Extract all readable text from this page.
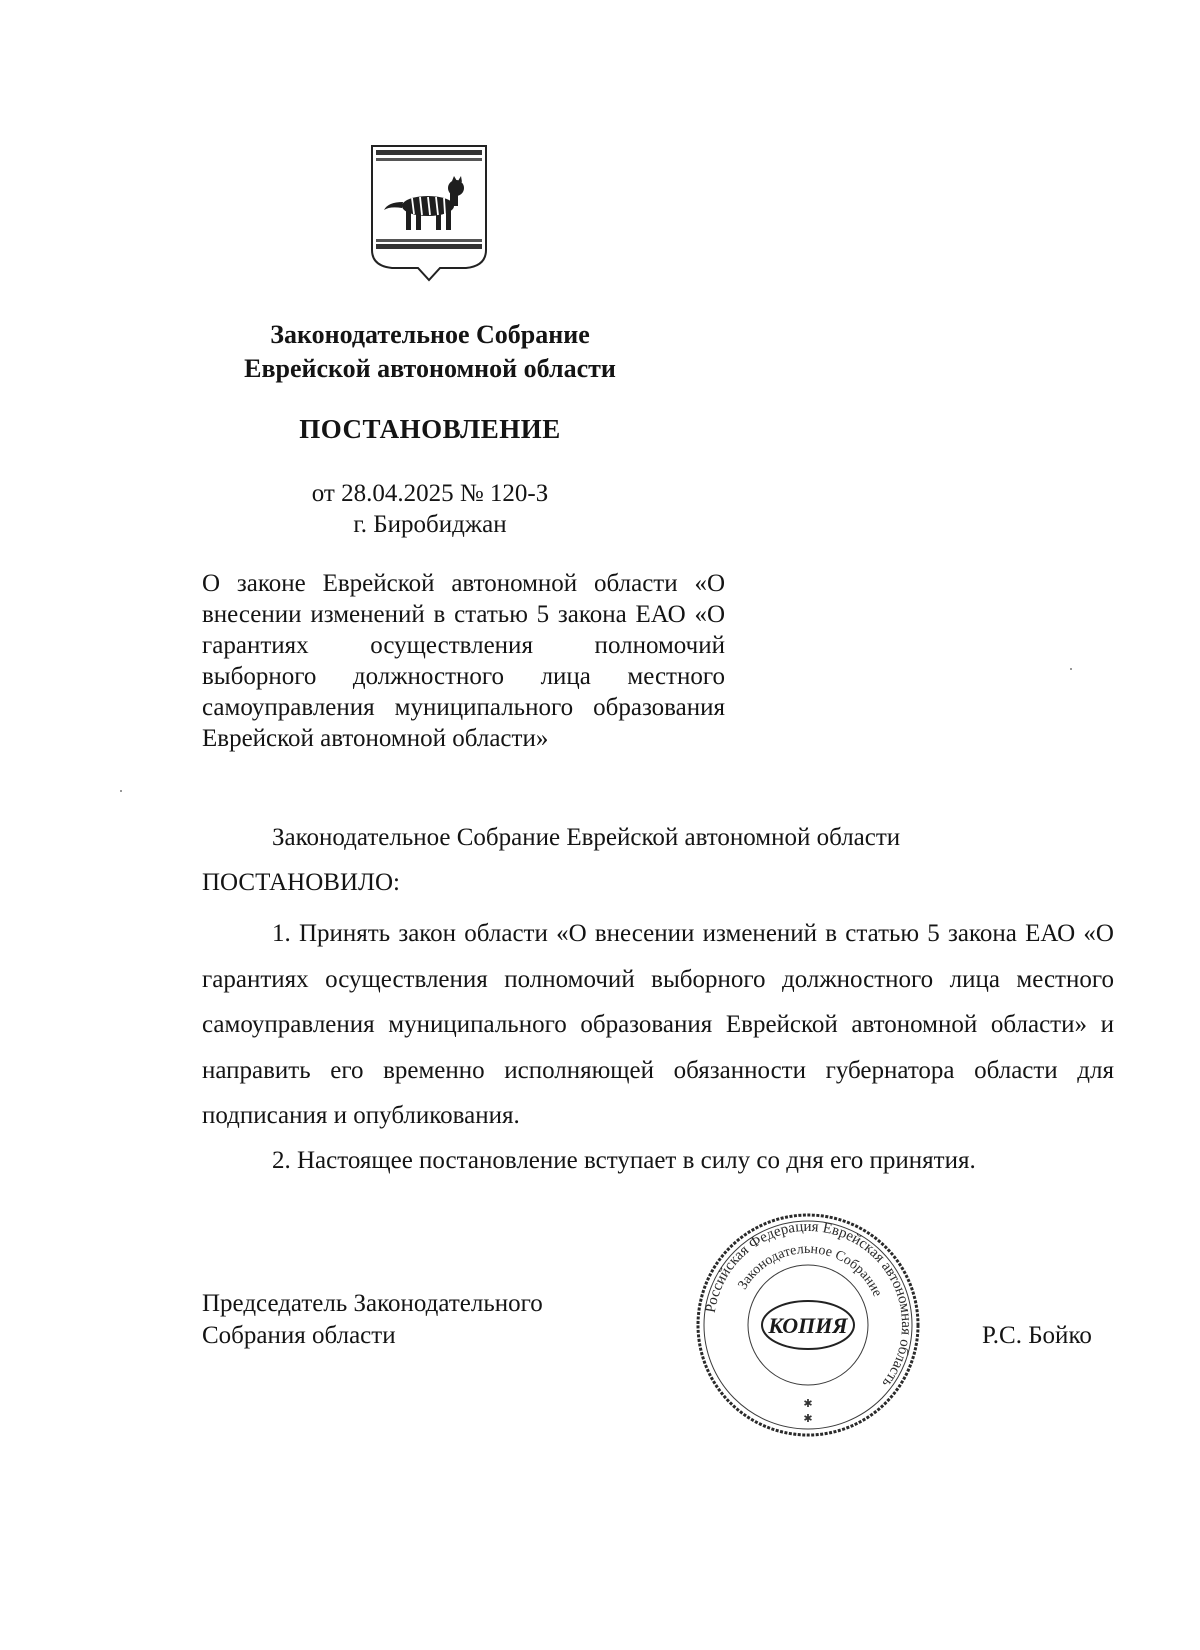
Законодательное Собрание
Еврейской автономной области
ПОСТАНОВЛЕНИЕ
от 28.04.2025 № 120-З
г. Биробиджан
О законе Еврейской автономной области «О внесении изменений в статью 5 закона ЕАО «О гарантиях осуществления полномочий выборного должностного лица местного самоуправления муниципального образования Еврейской автономной области»
Законодательное Собрание Еврейской автономной области
ПОСТАНОВИЛО:
1. Принять закон области «О внесении изменений в статью 5 закона ЕАО «О гарантиях осуществления полномочий выборного должностного лица местного самоуправления муниципального образования Еврейской автономной области» и направить его временно исполняющей обязанности губернатора области для подписания и опубликования.
2. Настоящее постановление вступает в силу со дня его принятия.
Председатель Законодательного
Собрания области
Российская Федерация Еврейская автономная область
Законодательное Собрание
КОПИЯ
✱
✱
Р.С. Бойко
